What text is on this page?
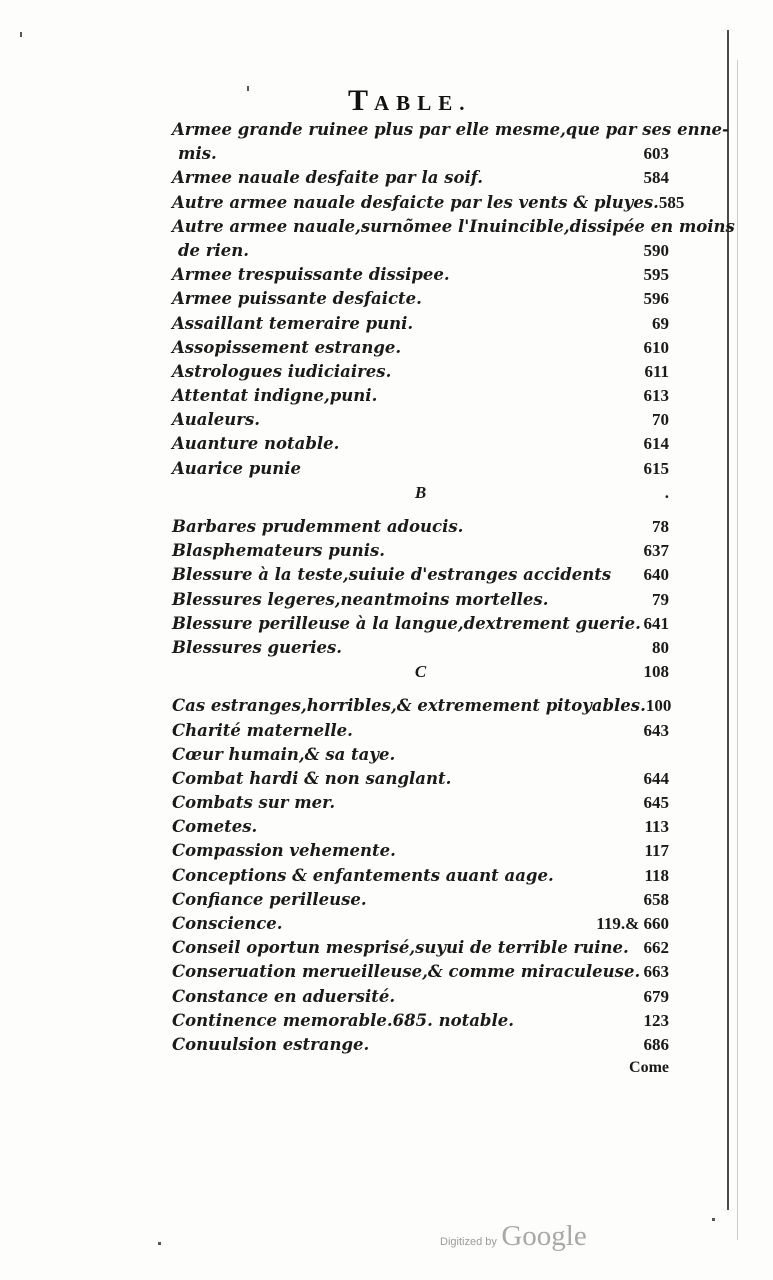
TABLE.
Armee grande ruinee plus par elle mesme,que par ses enne-
mis.	603
Armee nauale desfaite par la soif.	584
Autre armee nauale desfaicte par les vents & pluyes. 585
Autre armee nauale,surnõmee l'Inuincible,dissipée en moins
de rien.	590
Armee trespuissante dissipee.	595
Armee puissante desfaicte.	596
Assaillant temeraire puni.	69
Assopissement estrange.	610
Astrologues iudiciaires.	611
Attentat indigne,puni.	613
Aualeurs.	70
Auanture notable.	614
Auarice punie	615
B	.
Barbares prudemment adoucis.	78
Blasphemateurs punis.	637
Blessure à la teste,suiuie d'estranges accidents 640
Blessures legeres,neantmoins mortelles.	79
Blessure perilleuse à la langue,dextrement guerie. 641
Blessures gueries.	80
C	108
Cas estranges,horribles,& extremement pitoyables. 100
Charité maternelle.	643
Cœur humain,& sa taye.
Combat hardi & non sanglant.	644
Combats sur mer.	645
Cometes.	113
Compassion vehemente.	117
Conceptions & enfantements auant aage.	118
Confiance perilleuse.	658
Conscience.	119.& 660
Conseil oportun mesprisé,suyui de terrible ruine. 662
Conseruation merueilleuse,& comme miraculeuse. 663
Constance en aduersité.	679
Continence memorable.685. notable.	123
Conuulsion estrange.	686
Come
Digitized by Google
